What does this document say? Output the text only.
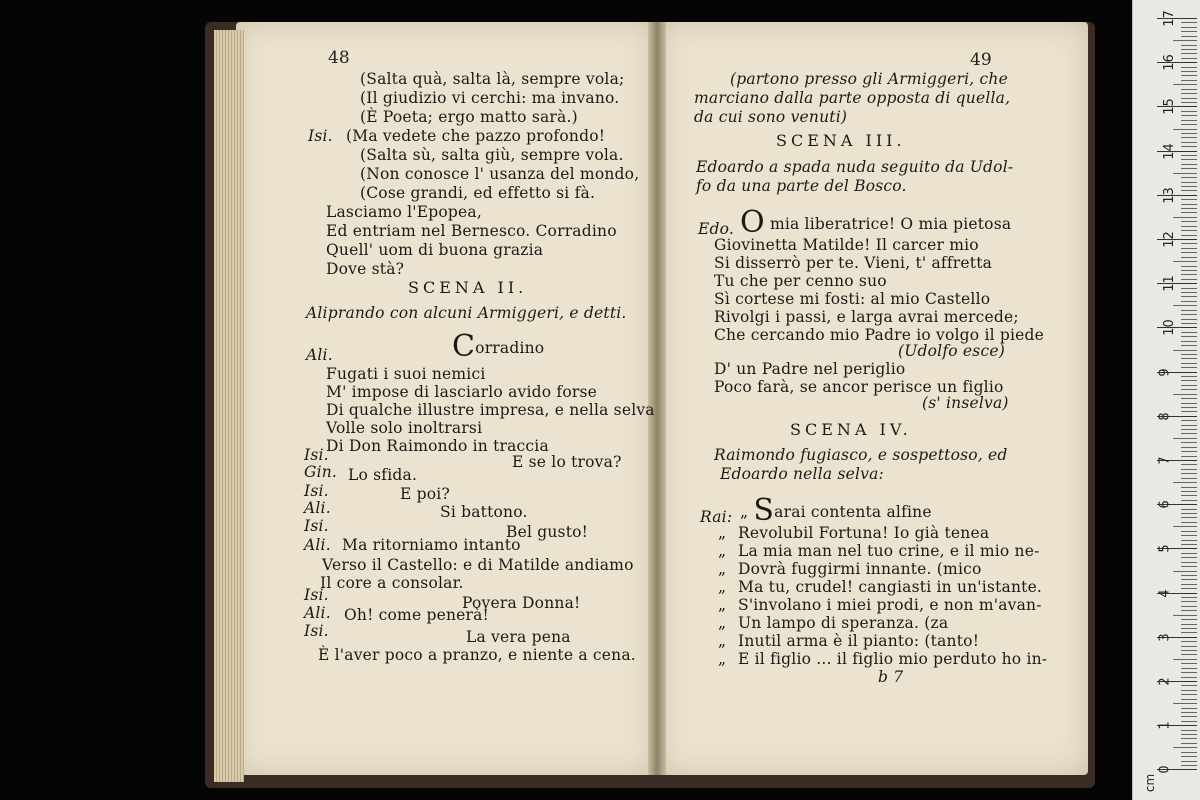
48
(Salta quà, salta là, sempre vola;
(Il giudizio vi cerchi: ma invano.
(È Poeta; ergo matto sarà.)
Isi. (Ma vedete che pazzo profondo!
(Salta sù, salta giù, sempre vola.
(Non conosce l' usanza del mondo,
(Cose grandi, ed effetto si fà.
Lasciamo l'Epopea,
Ed entriam nel Bernesco. Corradino
Quell' uom di buona grazia
Dove stà?
SCENA II.
Aliprando con alcuni Armiggeri, e detti.
Ali.	Corradino
Fugati i suoi nemici
M' impose di lasciarlo avido forse
Di qualche illustre impresa, e nella selva
Volle solo inoltrarsi
Di Don Raimondo in traccia
Isi.	E se lo trova?
Gin. Lo sfida.
Isi.	E poi?
Ali.	Si battono.
Isi.	Bel gusto!
Ali. Ma ritorniamo intanto
Verso il Castello: e di Matilde andiamo
Il core a consolar.
Isi.	Povera Donna!
Ali. Oh! come penerà!
Isi.	La vera pena
È l'aver poco a pranzo, e niente a cena.
49
(partono presso gli Armiggeri, che
marciano dalla parte opposta di quella,
da cui sono venuti)
SCENA III.
Edoardo a spada nuda seguito da Udol-
fo da una parte del Bosco.
Edo. O mia liberatrice! O mia pietosa
Giovinetta Matilde! Il carcer mio
Si disserrò per te. Vieni, t' affretta
Tu che per cenno suo
Sì cortese mi fosti: al mio Castello
Rivolgi i passi, e larga avrai mercede;
Che cercando mio Padre io volgo il piede
(Udolfo esce)
D' un Padre nel periglio
Poco farà, se ancor perisce un figlio
(s' inselva)
SCENA IV.
Raimondo fugiasco, e sospettoso, ed
Edoardo nella selva:
Rai: „ Sarai contenta alfine
„ Revolubil Fortuna! Io già tenea
„ La mia man nel tuo crine, e il mio ne-
„ Dovrà fuggirmi innante. (mico
„ Ma tu, crudel! cangiasti in un'istante.
„ S'involano i miei prodi, e non m'avan-
„ Un lampo di speranza. (za
„ Inutil arma è il pianto: (tanto!
„ E il figlio ... il figlio mio perduto ho in-
b 7
cm
17
16
15
14
13
12
11
10
9
8
7
6
5
4
3
2
1
0
